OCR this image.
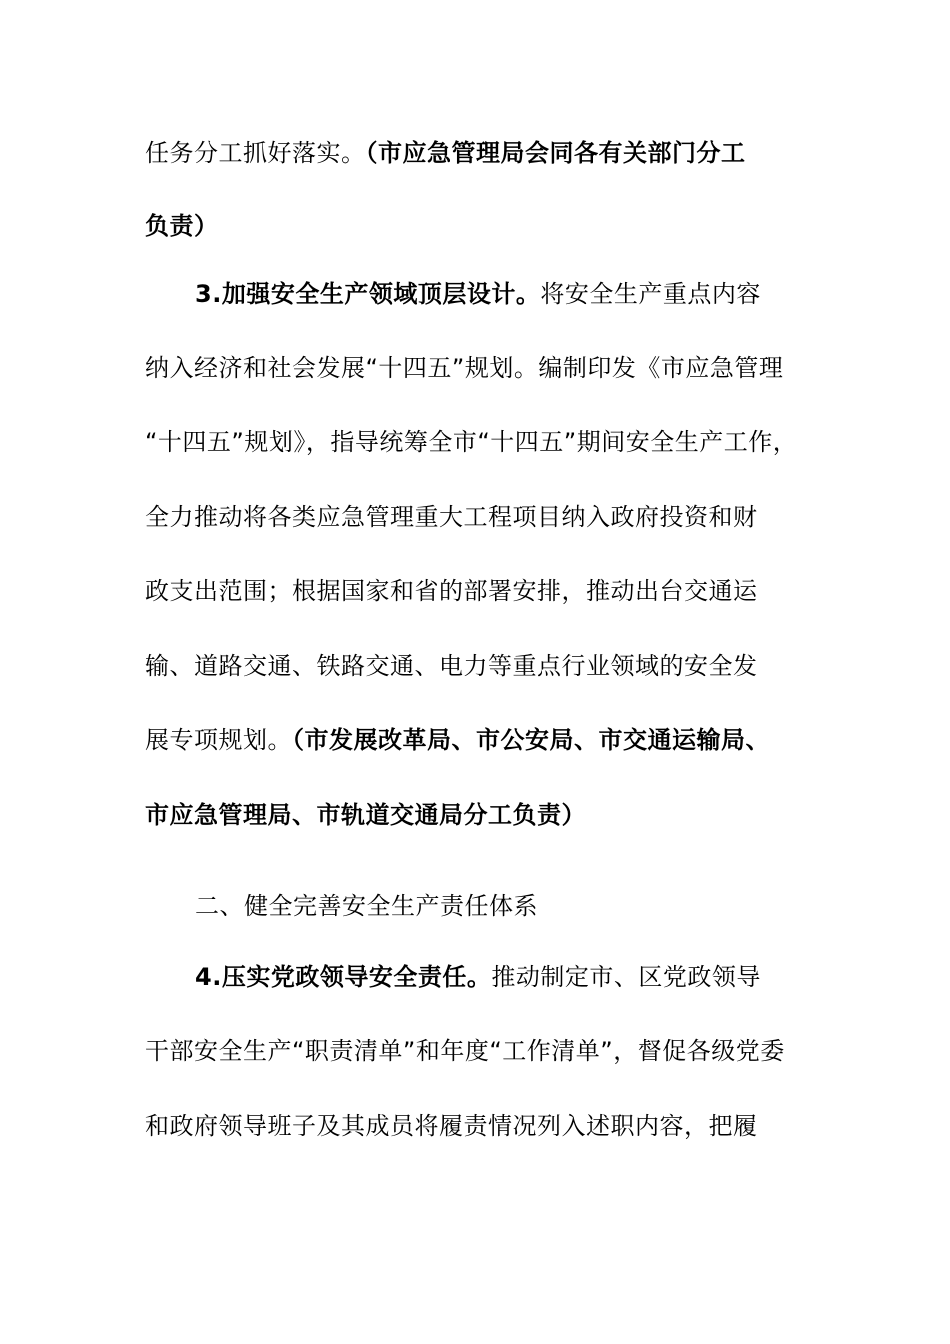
任务分工抓好落实。（市应急管理局会同各有关部门分工
负责）
3.加强安全生产领域顶层设计。将安全生产重点内容
纳入经济和社会发展“十四五”规划。编制印发《市应急管理
“十四五”规划》，指导统筹全市“十四五”期间安全生产工作，
全力推动将各类应急管理重大工程项目纳入政府投资和财
政支出范围；根据国家和省的部署安排，推动出台交通运
输、道路交通、铁路交通、电力等重点行业领域的安全发
展专项规划。（市发展改革局、市公安局、市交通运输局、
市应急管理局、市轨道交通局分工负责）
二、健全完善安全生产责任体系
4.压实党政领导安全责任。推动制定市、区党政领导
干部安全生产“职责清单”和年度“工作清单”，督促各级党委
和政府领导班子及其成员将履责情况列入述职内容，把履
